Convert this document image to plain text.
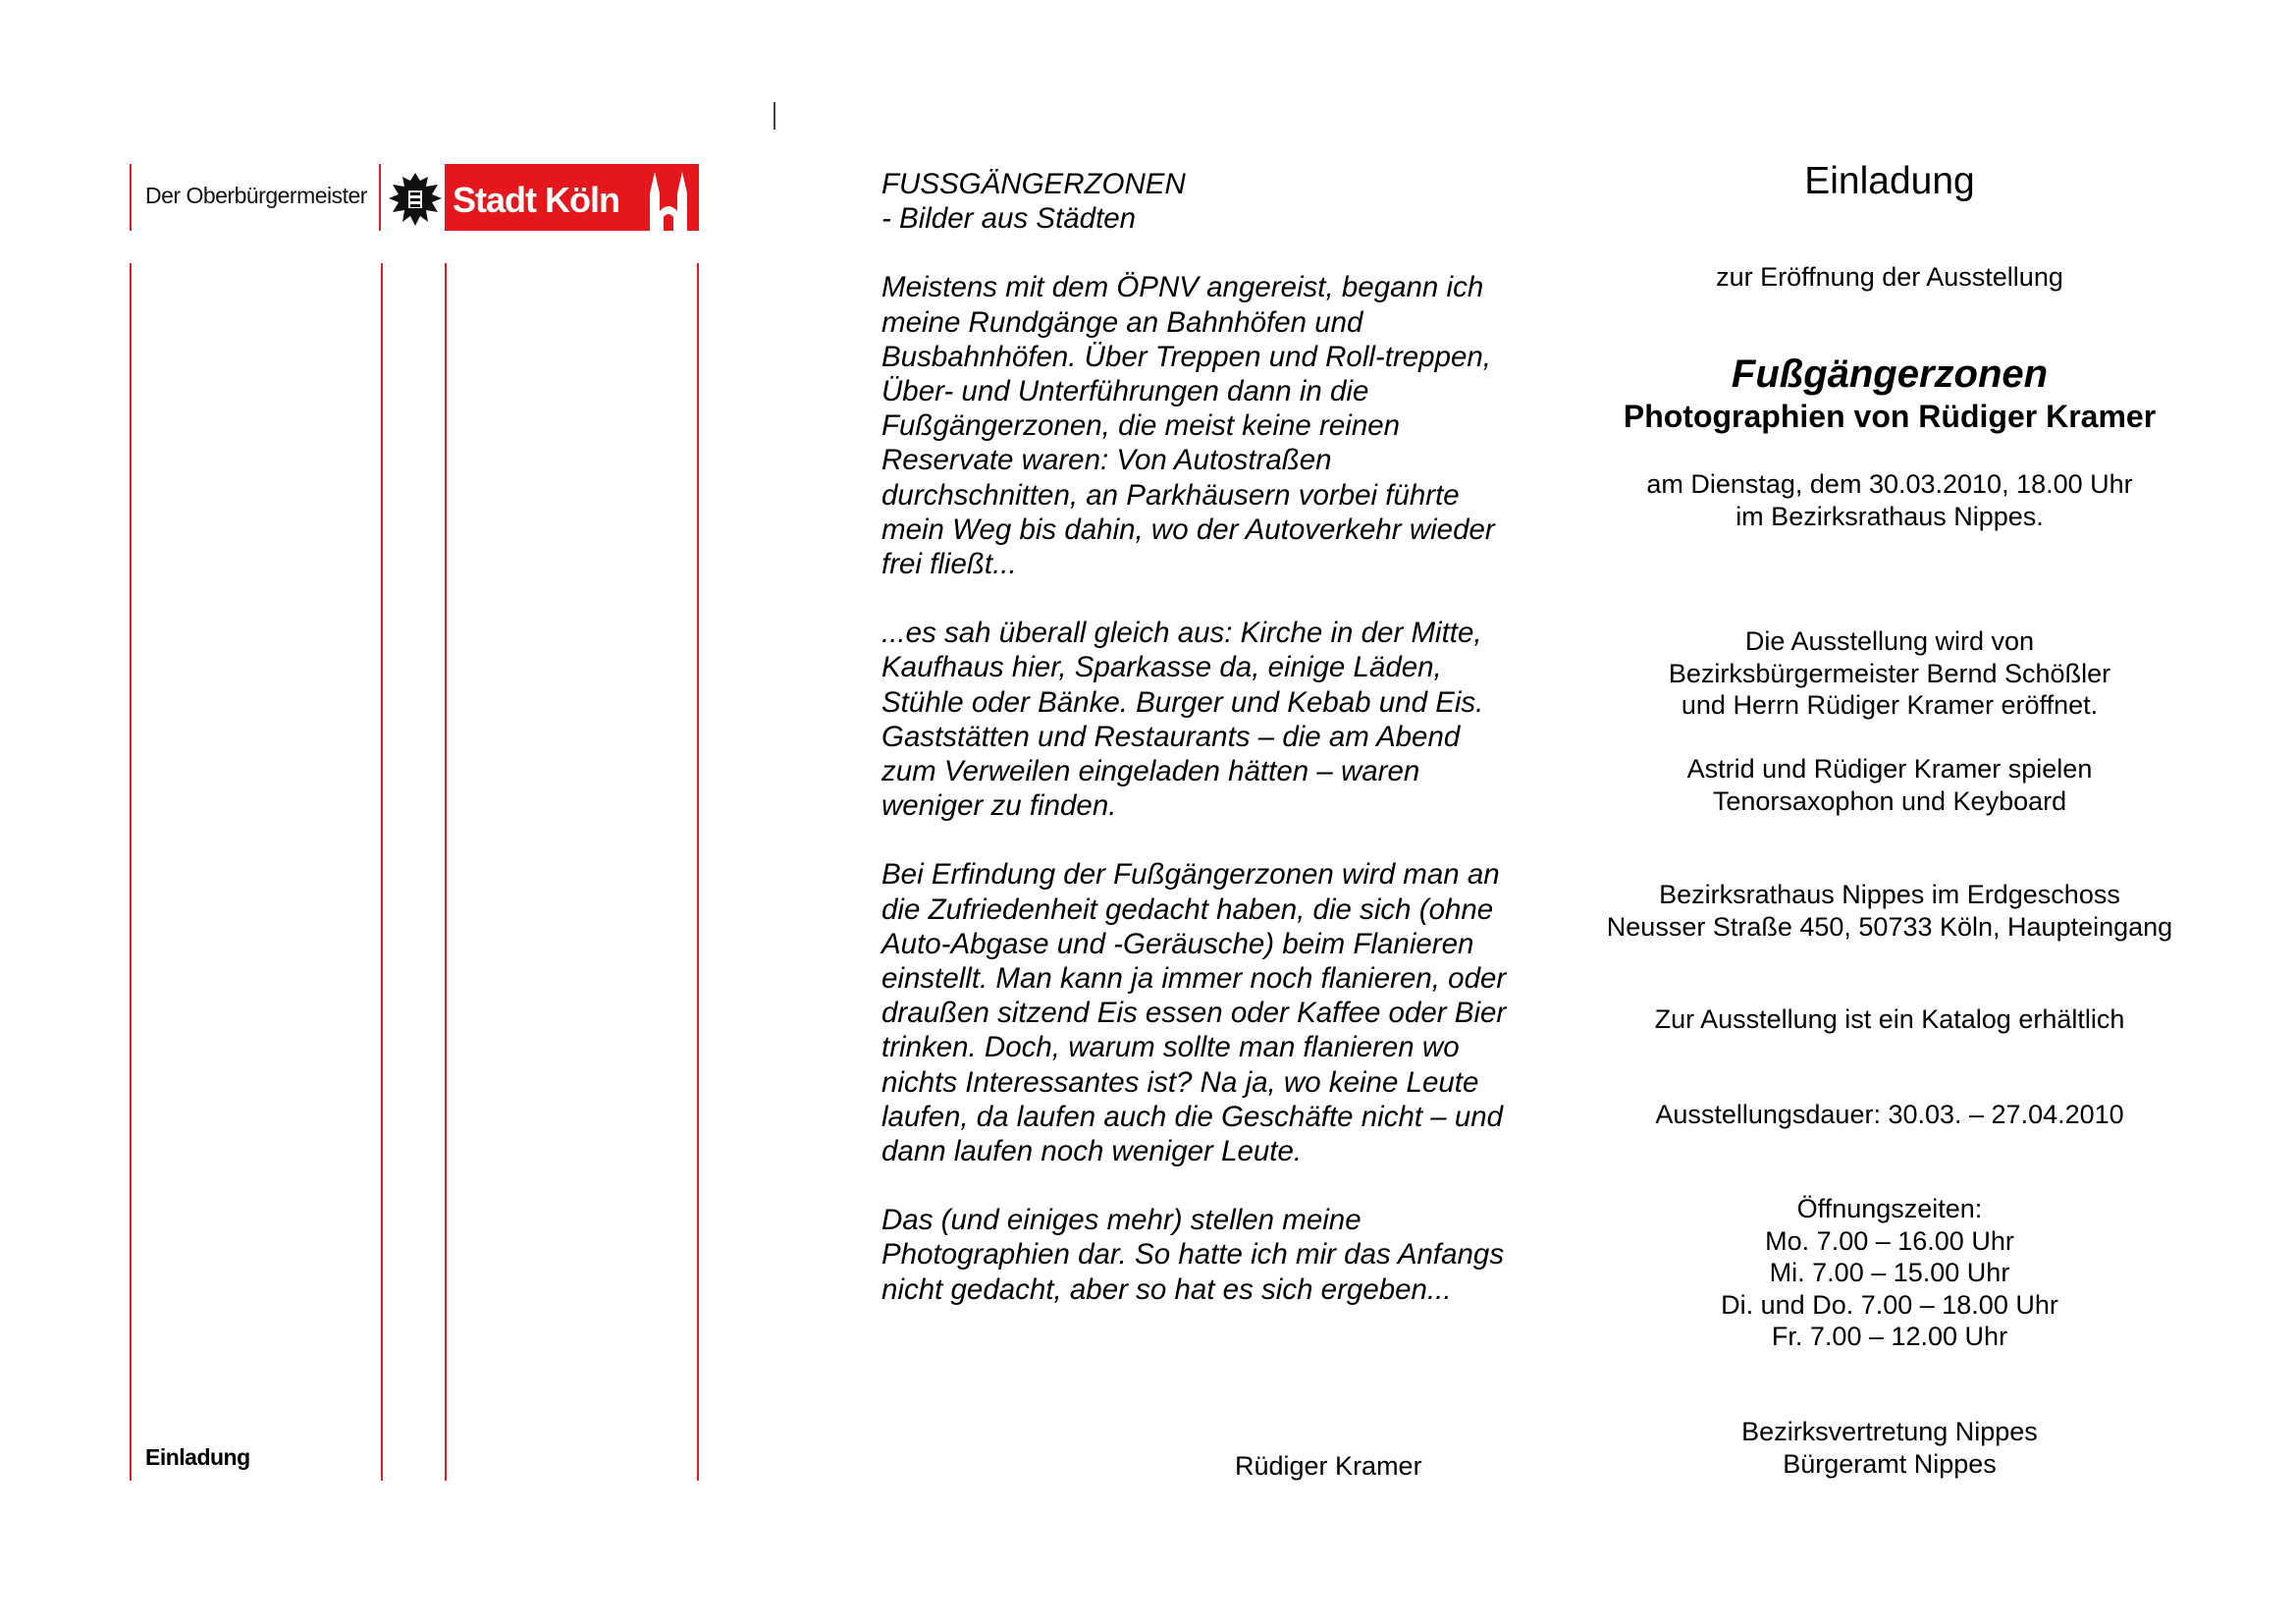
Der Oberbürgermeister Stadt Köln
Einladung
FUSSGÄNGERZONEN
- Bilder aus Städten

Meistens mit dem ÖPNV angereist, begann ich meine Rundgänge an Bahnhöfen und Busbahnhöfen. Über Treppen und Roll-treppen, Über- und Unterführungen dann in die Fußgängerzonen, die meist keine reinen Reservate waren: Von Autostraßen durchschnitten, an Parkhäusern vorbei führte mein Weg bis dahin, wo der Autoverkehr wieder frei fließt...

...es sah überall gleich aus: Kirche in der Mitte, Kaufhaus hier, Sparkasse da, einige Läden, Stühle oder Bänke. Burger und Kebab und Eis. Gaststätten und Restaurants – die am Abend zum Verweilen eingeladen hätten – waren weniger zu finden.

Bei Erfindung der Fußgängerzonen wird man an die Zufriedenheit gedacht haben, die sich (ohne Auto-Abgase und -Geräusche) beim Flanieren einstellt. Man kann ja immer noch flanieren, oder draußen sitzend Eis essen oder Kaffee oder Bier trinken. Doch, warum sollte man flanieren wo nichts Interessantes ist? Na ja, wo keine Leute laufen, da laufen auch die Geschäfte nicht – und dann laufen noch weniger Leute.

Das (und einiges mehr) stellen meine Photographien dar. So hatte ich mir das Anfangs nicht gedacht, aber so hat es sich ergeben...

Rüdiger Kramer
Einladung
zur Eröffnung der Ausstellung
Fußgängerzonen
Photographien von Rüdiger Kramer
am Dienstag, dem 30.03.2010, 18.00 Uhr
im Bezirksrathaus Nippes.
Die Ausstellung wird von
Bezirksbürgermeister Bernd Schößler
und Herrn Rüdiger Kramer eröffnet.
Astrid und Rüdiger Kramer spielen
Tenorsaxophon und Keyboard
Bezirksrathaus Nippes im Erdgeschoss
Neusser Straße 450, 50733 Köln, Haupteingang
Zur Ausstellung ist ein Katalog erhältlich
Ausstellungsdauer: 30.03. – 27.04.2010
Öffnungszeiten:
Mo. 7.00 – 16.00 Uhr
Mi. 7.00 – 15.00 Uhr
Di. und Do. 7.00 – 18.00 Uhr
Fr. 7.00 – 12.00 Uhr
Bezirksvertretung Nippes
Bürgeramt Nippes
